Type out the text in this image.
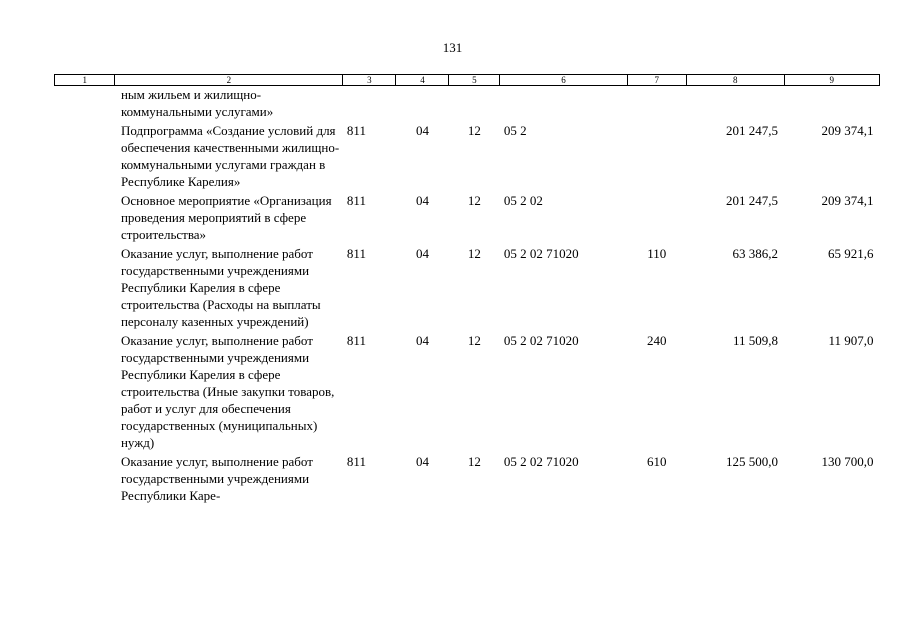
131
1	2	3	4	5	6	7	8	9
	ным жильем и жилищно-коммунальными услугами»							
	Подпрограмма «Создание условий для обеспечения качественными жилищно-коммунальными услугами граждан в Республике Карелия»	811	04	12	05 2		201 247,5	209 374,1
	Основное мероприятие «Организация проведения мероприятий в сфере строительства»	811	04	12	05 2 02		201 247,5	209 374,1
	Оказание услуг, выполнение работ государственными учреждениями Республики Карелия в сфере строительства (Расходы на выплаты персоналу казенных учреждений)	811	04	12	05 2 02 71020	110	63 386,2	65 921,6
	Оказание услуг, выполнение работ государственными учреждениями Республики Карелия в сфере строительства (Иные закупки товаров, работ и услуг для обеспечения государственных (муниципальных) нужд)	811	04	12	05 2 02 71020	240	11 509,8	11 907,0
	Оказание услуг, выполнение работ государственными учреждениями Республики Каре-	811	04	12	05 2 02 71020	610	125 500,0	130 700,0
